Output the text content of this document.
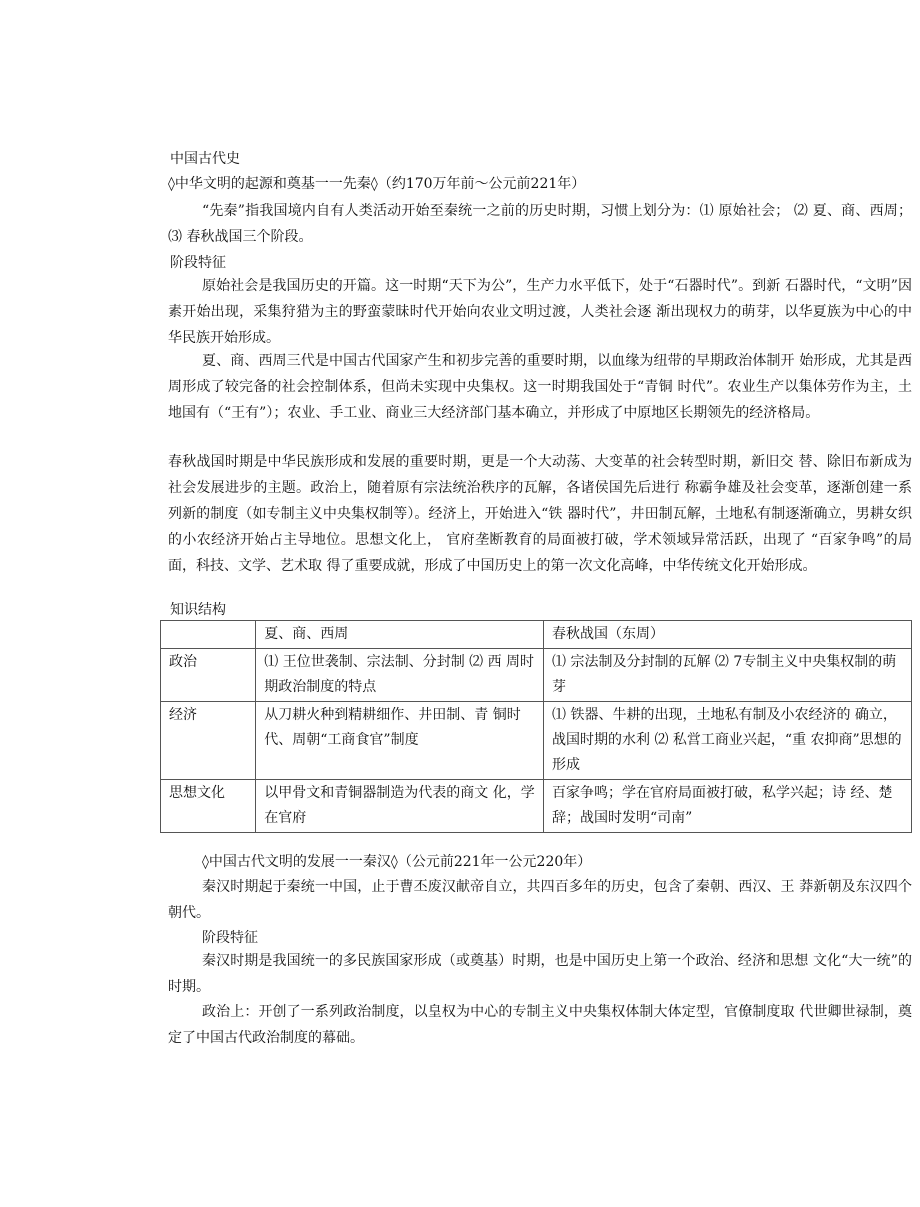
中国古代史

◊中华文明的起源和奠基一一先秦◊（约170万年前～公元前221年）

“先秦”指我国境内自有人类活动开始至秦统一之前的历史时期，习惯上划分为：⑴ 原始社会； ⑵ 夏、商、西周； ⑶ 春秋战国三个阶段。

阶段特征

原始社会是我国历史的开篇。这一时期“天下为公”，生产力水平低下，处于“石器时代”。到新 石器时代，“文明”因素开始出现，采集狩猎为主的野蛮蒙昧时代开始向农业文明过渡，人类社会逐 渐出现权力的萌芽，以华夏族为中心的中华民族开始形成。

夏、商、西周三代是中国古代国家产生和初步完善的重要时期，以血缘为纽带的早期政治体制开 始形成，尤其是西周形成了较完备的社会控制体系，但尚未实现中央集权。这一时期我国处于“青铜 时代”。农业生产以集体劳作为主，土地国有（“王有”）；农业、手工业、商业三大经济部门基本确立，并形成了中原地区长期领先的经济格局。

春秋战国时期是中华民族形成和发展的重要时期，更是一个大动荡、大变革的社会转型时期，新旧交 替、除旧布新成为社会发展进步的主题。政治上，随着原有宗法统治秩序的瓦解，各诸侯国先后进行 称霸争雄及社会变革，逐渐创建一系列新的制度（如专制主义中央集权制等）。经济上，开始进入“铁 器时代”，井田制瓦解，土地私有制逐渐确立，男耕女织的小农经济开始占主导地位。思想文化上， 官府垄断教育的局面被打破，学术领域异常活跃，出现了 “百家争鸣”的局面，科技、文学、艺术取 得了重要成就，形成了中国历史上的第一次文化高峰，中华传统文化开始形成。

知识结构

	夏、商、西周	春秋战国（东周）
政治	⑴ 王位世袭制、宗法制、分封制 ⑵ 西 周时期政治制度的特点	⑴ 宗法制及分封制的瓦解 ⑵ 7专制主义中央集权制的萌芽
经济	从刀耕火种到精耕细作、井田制、青 铜时代、周朝“工商食官”制度	⑴ 铁器、牛耕的出现，土地私有制及小农经济的 确立，战国时期的水利 ⑵ 私営工商业兴起，“重 农抑商”思想的形成
思想文化	以甲骨文和青铜器制造为代表的商文 化，学在官府	百家争鸣；学在官府局面被打破，私学兴起；诗 经、楚辞；战国时发明“司南”

◊中国古代文明的发展一一秦汉◊（公元前221年一公元220年）

秦汉时期起于秦统一中国，止于曹丕废汉献帝自立，共四百多年的历史，包含了秦朝、西汉、王 莽新朝及东汉四个朝代。

阶段特征

秦汉时期是我国统一的多民族国家形成（或奠基）时期，也是中国历史上第一个政治、经济和思想 文化“大一统”的时期。

政治上：开创了一系列政治制度，以皇权为中心的专制主义中央集权体制大体定型，官僚制度取 代世卿世禄制，奠定了中国古代政治制度的幕础。
